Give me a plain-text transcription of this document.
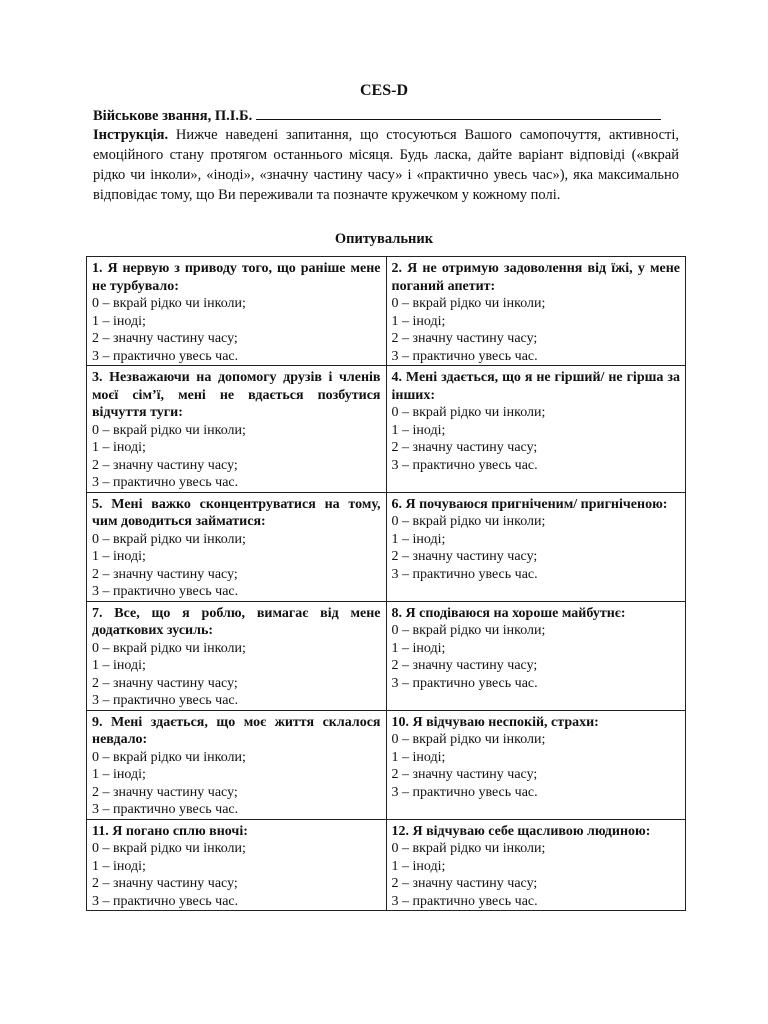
CES-D
Військове звання, П.І.Б.
Інструкція. Нижче наведені запитання, що стосуються Вашого самопочуття, активності, емоційного стану протягом останнього місяця. Будь ласка, дайте варіант відповіді («вкрай рідко чи інколи», «іноді», «значну частину часу» і «практично увесь час»), яка максимально відповідає тому, що Ви переживали та позначте кружечком у кожному полі.
Опитувальник
1. Я нервую з приводу того, що раніше мене не турбувало:
0 – вкрай рідко чи інколи;
1 – іноді;
2 – значну частину часу;
3 – практично увесь час.	2. Я не отримую задоволення від їжі, у мене поганий апетит:
0 – вкрай рідко чи інколи;
1 – іноді;
2 – значну частину часу;
3 – практично увесь час.

3. Незважаючи на допомогу друзів і членів моєї сім’ї, мені не вдається позбутися відчуття туги:
0 – вкрай рідко чи інколи;
1 – іноді;
2 – значну частину часу;
3 – практично увесь час.	4. Мені здається, що я не гірший/ не гірша за інших:
0 – вкрай рідко чи інколи;
1 – іноді;
2 – значну частину часу;
3 – практично увесь час.

5. Мені важко сконцентруватися на тому, чим доводиться займатися:
0 – вкрай рідко чи інколи;
1 – іноді;
2 – значну частину часу;
3 – практично увесь час.	6. Я почуваюся пригніченим/ пригніченою:
0 – вкрай рідко чи інколи;
1 – іноді;
2 – значну частину часу;
3 – практично увесь час.

7. Все, що я роблю, вимагає від мене додаткових зусиль:
0 – вкрай рідко чи інколи;
1 – іноді;
2 – значну частину часу;
3 – практично увесь час.	8. Я сподіваюся на хороше майбутнє:
0 – вкрай рідко чи інколи;
1 – іноді;
2 – значну частину часу;
3 – практично увесь час.

9. Мені здається, що моє життя склалося невдало:
0 – вкрай рідко чи інколи;
1 – іноді;
2 – значну частину часу;
3 – практично увесь час.	10. Я відчуваю неспокій, страхи:
0 – вкрай рідко чи інколи;
1 – іноді;
2 – значну частину часу;
3 – практично увесь час.

11. Я погано сплю вночі:
0 – вкрай рідко чи інколи;
1 – іноді;
2 – значну частину часу;
3 – практично увесь час.	12. Я відчуваю себе щасливою людиною:
0 – вкрай рідко чи інколи;
1 – іноді;
2 – значну частину часу;
3 – практично увесь час.
